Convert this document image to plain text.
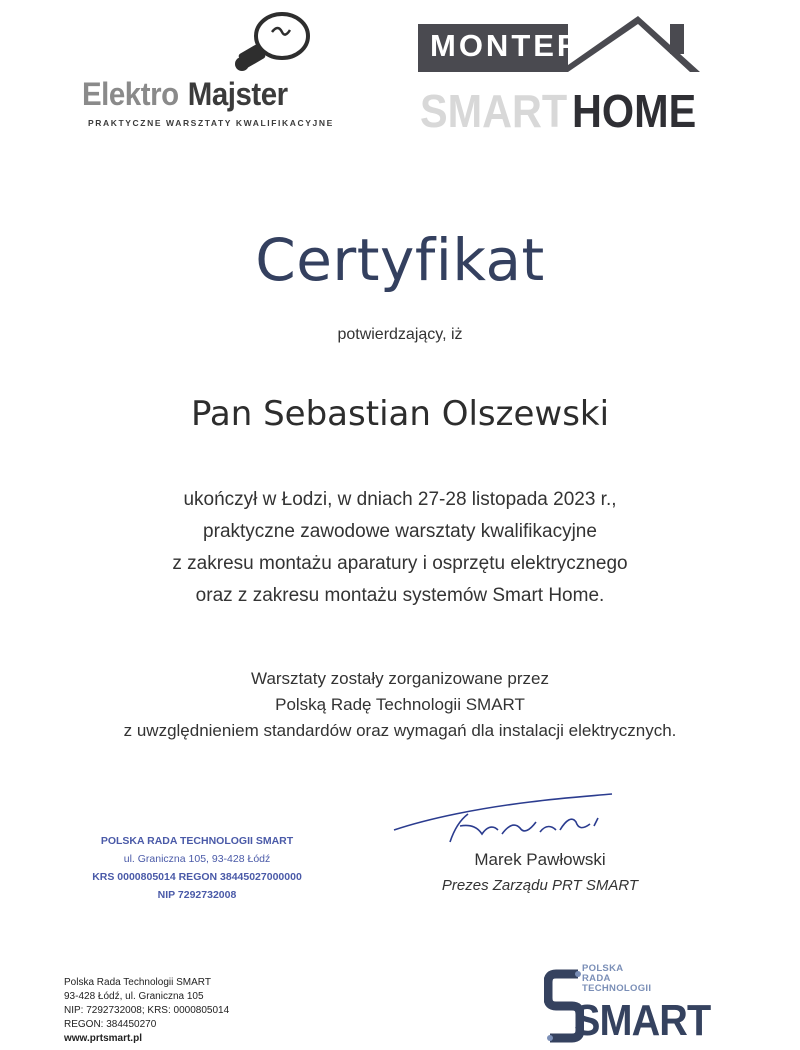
Elektro Majster
PRAKTYCZNE WARSZTATY KWALIFIKACYJNE
MONTER
SMART HOME
Certyfikat
potwierdzający, iż
Pan Sebastian Olszewski
ukończył w Łodzi, w dniach 27-28 listopada 2023 r.,
praktyczne zawodowe warsztaty kwalifikacyjne
z zakresu montażu aparatury i osprzętu elektrycznego
oraz z zakresu montażu systemów Smart Home.
Warsztaty zostały zorganizowane przez
Polską Radę Technologii SMART
z uwzględnieniem standardów oraz wymagań dla instalacji elektrycznych.
POLSKA RADA TECHNOLOGII SMART
ul. Graniczna 105, 93-428 Łódź
KRS 0000805014 REGON 38445027000000
NIP 7292732008
Marek Pawłowski
Prezes Zarządu PRT SMART
Polska Rada Technologii SMART
93-428 Łódź, ul. Graniczna 105
NIP: 7292732008; KRS: 0000805014
REGON: 384450270
www.prtsmart.pl
POLSKA
RADA
TECHNOLOGII
SMART
